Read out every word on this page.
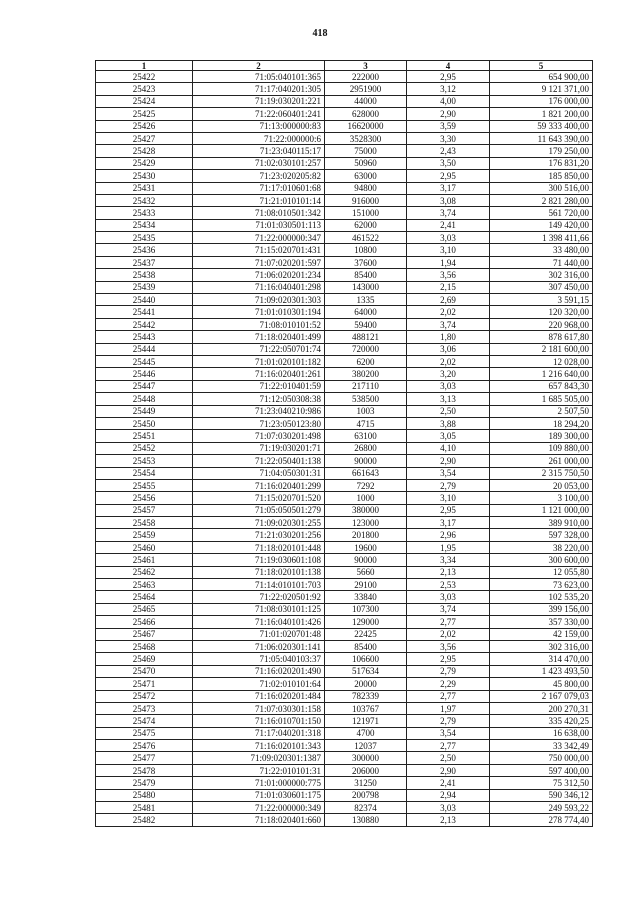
418
1	2	3	4	5
25422	71:05:040101:365	222000	2,95	654 900,00
25423	71:17:040201:305	2951900	3,12	9 121 371,00
25424	71:19:030201:221	44000	4,00	176 000,00
25425	71:22:060401:241	628000	2,90	1 821 200,00
25426	71:13:000000:83	16620000	3,59	59 333 400,00
25427	71:22:000000:6	3528300	3,30	11 643 390,00
25428	71:23:040115:17	75000	2,43	179 250,00
25429	71:02:030101:257	50960	3,50	176 831,20
25430	71:23:020205:82	63000	2,95	185 850,00
25431	71:17:010601:68	94800	3,17	300 516,00
25432	71:21:010101:14	916000	3,08	2 821 280,00
25433	71:08:010501:342	151000	3,74	561 720,00
25434	71:01:030501:113	62000	2,41	149 420,00
25435	71:22:000000:347	461522	3,03	1 398 411,66
25436	71:15:020701:431	10800	3,10	33 480,00
25437	71:07:020201:597	37600	1,94	71 440,00
25438	71:06:020201:234	85400	3,56	302 316,00
25439	71:16:040401:298	143000	2,15	307 450,00
25440	71:09:020301:303	1335	2,69	3 591,15
25441	71:01:010301:194	64000	2,02	120 320,00
25442	71:08:010101:52	59400	3,74	220 968,00
25443	71:18:020401:499	488121	1,80	878 617,80
25444	71:22:050701:74	720000	3,06	2 181 600,00
25445	71:01:020101:182	6200	2,02	12 028,00
25446	71:16:020401:261	380200	3,20	1 216 640,00
25447	71:22:010401:59	217110	3,03	657 843,30
25448	71:12:050308:38	538500	3,13	1 685 505,00
25449	71:23:040210:986	1003	2,50	2 507,50
25450	71:23:050123:80	4715	3,88	18 294,20
25451	71:07:030201:498	63100	3,05	189 300,00
25452	71:19:030201:71	26800	4,10	109 880,00
25453	71:22:050401:138	90000	2,90	261 000,00
25454	71:04:050301:31	661643	3,54	2 315 750,50
25455	71:16:020401:299	7292	2,79	20 053,00
25456	71:15:020701:520	1000	3,10	3 100,00
25457	71:05:050501:279	380000	2,95	1 121 000,00
25458	71:09:020301:255	123000	3,17	389 910,00
25459	71:21:030201:256	201800	2,96	597 328,00
25460	71:18:020101:448	19600	1,95	38 220,00
25461	71:19:030601:108	90000	3,34	300 600,00
25462	71:18:020101:138	5660	2,13	12 055,80
25463	71:14:010101:703	29100	2,53	73 623,00
25464	71:22:020501:92	33840	3,03	102 535,20
25465	71:08:030101:125	107300	3,74	399 156,00
25466	71:16:040101:426	129000	2,77	357 330,00
25467	71:01:020701:48	22425	2,02	42 159,00
25468	71:06:020301:141	85400	3,56	302 316,00
25469	71:05:040103:37	106600	2,95	314 470,00
25470	71:16:020201:490	517634	2,79	1 423 493,50
25471	71:02:010101:64	20000	2,29	45 800,00
25472	71:16:020201:484	782339	2,77	2 167 079,03
25473	71:07:030301:158	103767	1,97	200 270,31
25474	71:16:010701:150	121971	2,79	335 420,25
25475	71:17:040201:318	4700	3,54	16 638,00
25476	71:16:020101:343	12037	2,77	33 342,49
25477	71:09:020301:1387	300000	2,50	750 000,00
25478	71:22:010101:31	206000	2,90	597 400,00
25479	71:01:000000:775	31250	2,41	75 312,50
25480	71:01:030601:175	200798	2,94	590 346,12
25481	71:22:000000:349	82374	3,03	249 593,22
25482	71:18:020401:660	130880	2,13	278 774,40
